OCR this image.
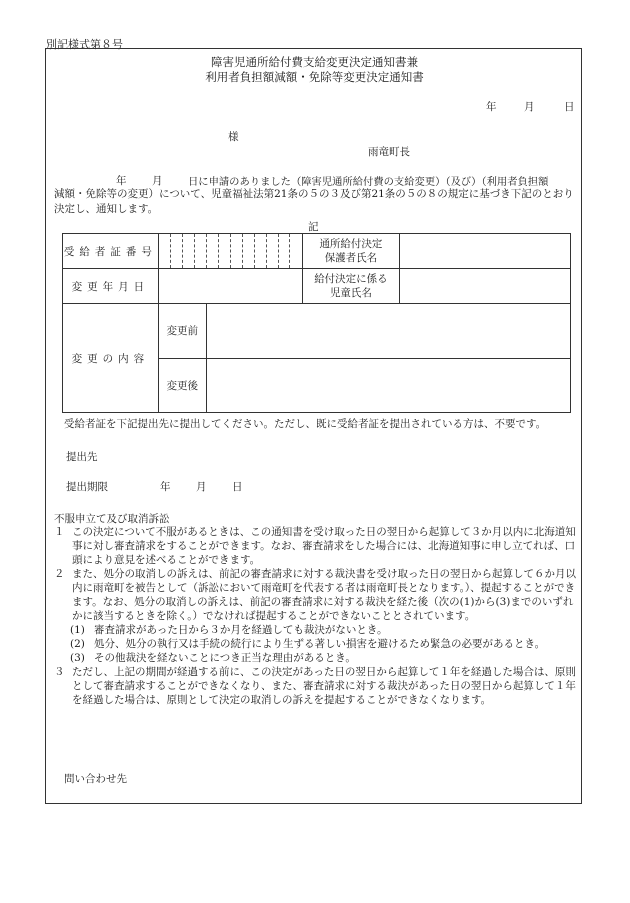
別記様式第８号
障害児通所給付費支給変更決定通知書兼
利用者負担額減額・免除等変更決定通知書
年	月	日
様
雨竜町長
年 月 日に申請のありました（障害児通所給付費の支給変更）（及び）（利用者負担額
減額・免除等の変更）について、児童福祉法第21条の５の３及び第21条の５の８の規定に基づき下記のとおり決定し、通知します。
記
受給者証番号			通所給付決定
保護者氏名	

変更年月日			給付決定に係る
児童氏名	

変更の内容	変更前			
	変更後			
受給者証を下記提出先に提出してください。ただし、既に受給者証を提出されている方は、不要です。
提出先
提出期限	年 月 日
不服申立て及び取消訴訟
１ この決定について不服があるときは、この通知書を受け取った日の翌日から起算して３か月以内に北海道知事に対し審査請求をすることができます。なお、審査請求をした場合には、北海道知事に申し立てれば、口頭により意見を述べることができます。
２ また、処分の取消しの訴えは、前記の審査請求に対する裁決書を受け取った日の翌日から起算して６か月以内に雨竜町を被告として（訴訟において雨竜町を代表する者は雨竜町長となります。）、提起することができます。なお、処分の取消しの訴えは、前記の審査請求に対する裁決を経た後（次の(1)から(3)までのいずれかに該当するときを除く。）でなければ提起することができないこととされています。
(1) 審査請求があった日から３か月を経過しても裁決がないとき。
(2) 処分、処分の執行又は手続の続行により生ずる著しい損害を避けるため緊急の必要があるとき。
(3) その他裁決を経ないことにつき正当な理由があるとき。
３ ただし、上記の期間が経過する前に、この決定があった日の翌日から起算して１年を経過した場合は、原則として審査請求することができなくなり、また、審査請求に対する裁決があった日の翌日から起算して１年を経過した場合は、原則として決定の取消しの訴えを提起することができなくなります。
問い合わせ先
